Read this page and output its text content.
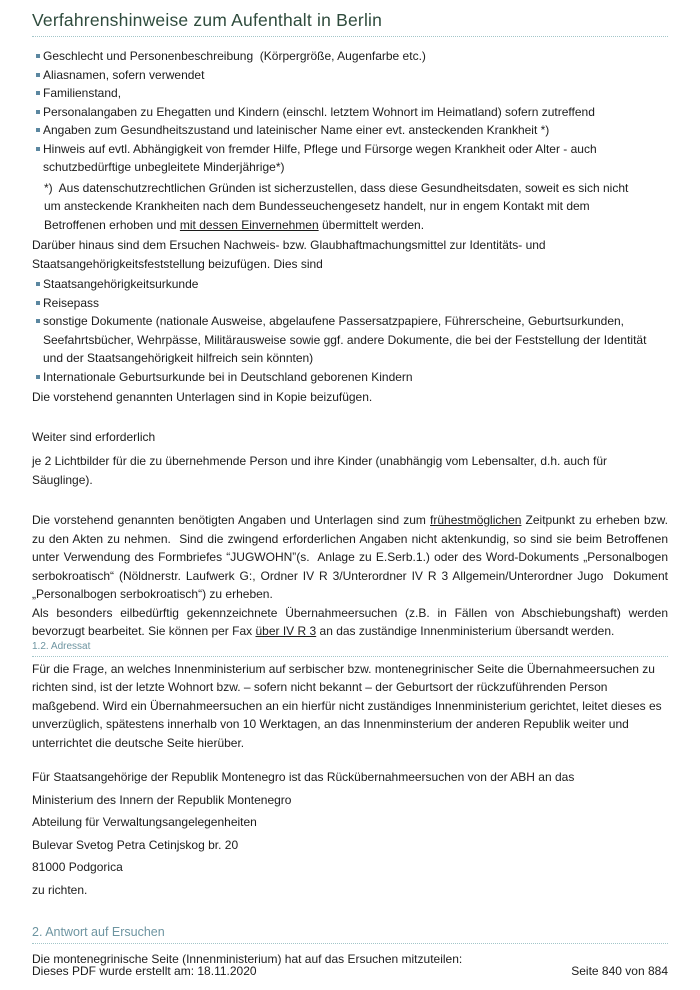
Verfahrenshinweise zum Aufenthalt in Berlin
Geschlecht und Personenbeschreibung  (Körpergröße, Augenfarbe etc.)
Aliasnamen, sofern verwendet
Familienstand,
Personalangaben zu Ehegatten und Kindern (einschl. letztem Wohnort im Heimatland) sofern zutreffend
Angaben zum Gesundheitszustand und lateinischer Name einer evt. ansteckenden Krankheit *)
Hinweis auf evtl. Abhängigkeit von fremder Hilfe, Pflege und Fürsorge wegen Krankheit oder Alter - auch schutzbedürftige unbegleitete Minderjährige*)

*)  Aus datenschutzrechtlichen Gründen ist sicherzustellen, dass diese Gesundheitsdaten, soweit es sich nicht um ansteckende Krankheiten nach dem Bundesseuchengesetz handelt, nur in engem Kontakt mit dem Betroffenen erhoben und mit dessen Einvernehmen übermittelt werden.

Darüber hinaus sind dem Ersuchen Nachweis- bzw. Glaubhaftmachungsmittel zur Identitäts- und
Staatsangehörigkeitsfeststellung beizufügen. Dies sind

Staatsangehörigkeitsurkunde
Reisepass
sonstige Dokumente (nationale Ausweise, abgelaufene Passersatzpapiere, Führerscheine, Geburtsurkunden, Seefahrtsbücher, Wehrpässe, Militärausweise sowie ggf. andere Dokumente, die bei der Feststellung der Identität und der Staatsangehörigkeit hilfreich sein könnten)
Internationale Geburtsurkunde bei in Deutschland geborenen Kindern

Die vorstehend genannten Unterlagen sind in Kopie beizufügen.

Weiter sind erforderlich

je 2 Lichtbilder für die zu übernehmende Person und ihre Kinder (unabhängig vom Lebensalter, d.h. auch für Säuglinge).

Die vorstehend genannten benötigten Angaben und Unterlagen sind zum frühestmöglichen Zeitpunkt zu erheben bzw. zu den Akten zu nehmen.  Sind die zwingend erforderlichen Angaben nicht aktenkundig, so sind sie beim Betroffenen unter Verwendung des Formbriefes “JUGWOHN”(s.  Anlage zu E.Serb.1.) oder des Word-Dokuments „Personalbogen serbokroatisch“ (Nöldnerstr. Laufwerk G:, Ordner IV R 3/Unterordner IV R 3 Allgemein/Unterordner Jugo  Dokument „Personalbogen serbokroatisch“) zu erheben.
Als besonders eilbedürftig gekennzeichnete Übernahmeersuchen (z.B. in Fällen von Abschiebungshaft) werden bevorzugt bearbeitet. Sie können per Fax über IV R 3 an das zuständige Innenministerium übersandt werden.

1.2. Adressat

Für die Frage, an welches Innenministerium auf serbischer bzw. montenegrinischer Seite die Übernahmeersuchen zu richten sind, ist der letzte Wohnort bzw. – sofern nicht bekannt – der Geburtsort der rückzuführenden Person maßgebend. Wird ein Übernahmeersuchen an ein hierfür nicht zuständiges Innenministerium gerichtet, leitet dieses es unverzüglich, spätestens innerhalb von 10 Werktagen, an das Innenminsterium der anderen Republik weiter und unterrichtet die deutsche Seite hierüber.

Für Staatsangehörige der Republik Montenegro ist das Rückübernahmeersuchen von der ABH an das

Ministerium des Innern der Republik Montenegro

Abteilung für Verwaltungsangelegenheiten

Bulevar Svetog Petra Cetinjskog br. 20

81000 Podgorica

zu richten.

2. Antwort auf Ersuchen

Die montenegrinische Seite (Innenministerium) hat auf das Ersuchen mitzuteilen:

Dieses PDF wurde erstellt am: 18.11.2020	Seite 840 von 884
